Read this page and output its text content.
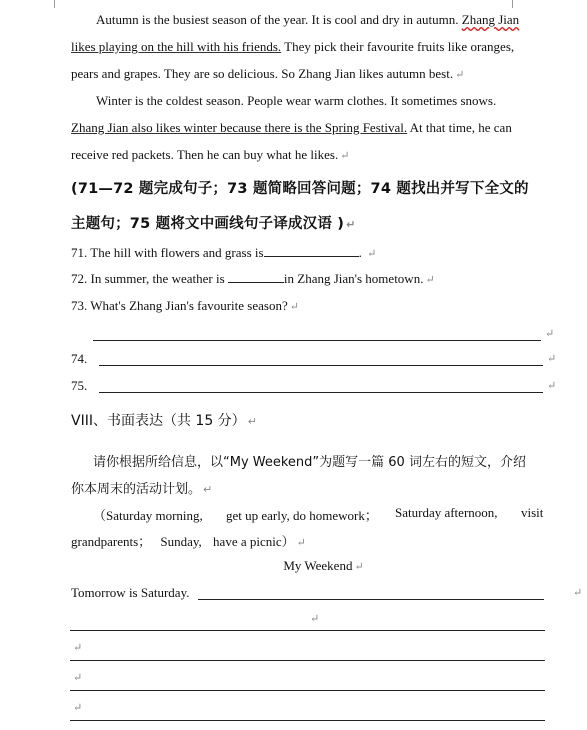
Autumn is the busiest season of the year. It is cool and dry in autumn. Zhang Jian
likes playing on the hill with his friends. They pick their favourite fruits like oranges,
pears and grapes. They are so delicious. So Zhang Jian likes autumn best. ↵
Winter is the coldest season. People wear warm clothes. It sometimes snows.
Zhang Jian also likes winter because there is the Spring Festival. At that time, he can
receive red packets. Then he can buy what he likes. ↵
(71—72 题完成句子；73 题简略回答问题；74 题找出并写下全文的
主题句；75 题将文中画线句子译成汉语 ) ↵
71. The hill with flowers and grass is	. ↵
72. In summer, the weather is	in Zhang Jian's hometown. ↵
73. What's Zhang Jian's favourite season? ↵
↵
74.	↵
75.	↵
VIII、书面表达（共 15 分） ↵
请你根据所给信息，以“My Weekend”为题写一篇 60 词左右的短文，介绍
你本周末的活动计划。 ↵
（Saturday morning, get up early, do homework； Saturday afternoon, visit
grandparents； Sunday, have a picnic） ↵
My Weekend ↵
Tomorrow is Saturday.	↵
↵
↵
↵
↵
